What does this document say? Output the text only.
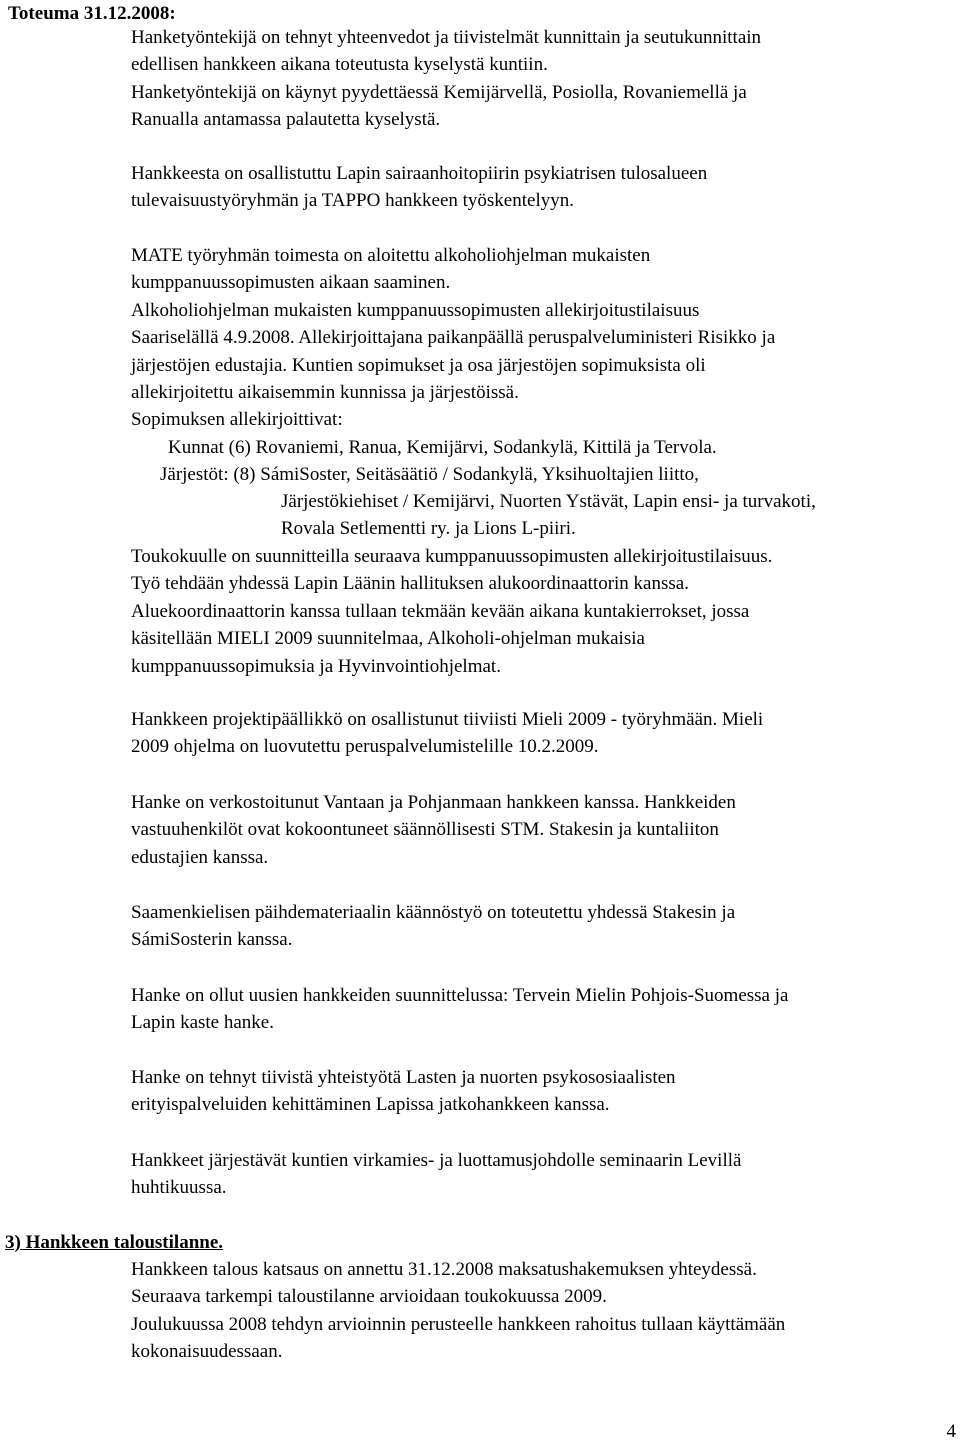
Toteuma 31.12.2008:
Hanketyöntekijä on tehnyt yhteenvedot ja tiivistelmät kunnittain ja seutukunnittain
edellisen hankkeen aikana toteutusta kyselystä kuntiin.
Hanketyöntekijä on käynyt pyydettäessä Kemijärvellä, Posiolla, Rovaniemellä ja
Ranualla antamassa palautetta kyselystä.
Hankkeesta on osallistuttu Lapin sairaanhoitopiirin psykiatrisen tulosalueen
tulevaisuustyöryhmän ja TAPPO hankkeen työskentelyyn.
MATE työryhmän toimesta on aloitettu alkoholiohjelman mukaisten
kumppanuussopimusten aikaan saaminen.
Alkoholiohjelman mukaisten kumppanuussopimusten allekirjoitustilaisuus
Saariselällä 4.9.2008. Allekirjoittajana paikanpäällä peruspalveluministeri Risikko ja
järjestöjen edustajia. Kuntien sopimukset ja osa järjestöjen sopimuksista oli
allekirjoitettu aikaisemmin kunnissa ja järjestöissä.
Sopimuksen allekirjoittivat:
Kunnat (6) Rovaniemi, Ranua, Kemijärvi, Sodankylä, Kittilä ja Tervola.
Järjestöt: (8) SámiSoster, Seitäsäätiö / Sodankylä, Yksihuoltajien liitto,
Järjestökiehiset / Kemijärvi, Nuorten Ystävät, Lapin ensi- ja turvakoti,
Rovala Setlementti ry. ja Lions L-piiri.
Toukokuulle on suunnitteilla seuraava kumppanuussopimusten allekirjoitustilaisuus.
Työ tehdään yhdessä Lapin Läänin hallituksen alukoordinaattorin kanssa.
Aluekoordinaattorin kanssa tullaan tekmään kevään aikana kuntakierrokset, jossa
käsitellään MIELI 2009 suunnitelmaa, Alkoholi-ohjelman mukaisia
kumppanuussopimuksia ja Hyvinvointiohjelmat.
Hankkeen projektipäällikkö on osallistunut tiiviisti Mieli 2009 - työryhmään. Mieli
2009 ohjelma on luovutettu peruspalvelumistelille 10.2.2009.
Hanke on verkostoitunut Vantaan ja Pohjanmaan hankkeen kanssa. Hankkeiden
vastuuhenkilöt ovat kokoontuneet säännöllisesti STM. Stakesin ja kuntaliiton
edustajien kanssa.
Saamenkielisen päihdemateriaalin käännöstyö on toteutettu yhdessä Stakesin ja
SámiSosterin kanssa.
Hanke on ollut uusien hankkeiden suunnittelussa: Tervein Mielin Pohjois-Suomessa ja
Lapin kaste hanke.
Hanke on tehnyt tiivistä yhteistyötä Lasten ja nuorten psykososiaalisten
erityispalveluiden kehittäminen Lapissa jatkohankkeen kanssa.
Hankkeet järjestävät kuntien virkamies- ja luottamusjohdolle seminaarin Levillä
huhtikuussa.
3) Hankkeen taloustilanne.
Hankkeen talous katsaus on annettu 31.12.2008 maksatushakemuksen yhteydessä.
Seuraava tarkempi taloustilanne arvioidaan toukokuussa 2009.
Joulukuussa 2008 tehdyn arvioinnin perusteelle hankkeen rahoitus tullaan käyttämään
kokonaisuudessaan.
4
